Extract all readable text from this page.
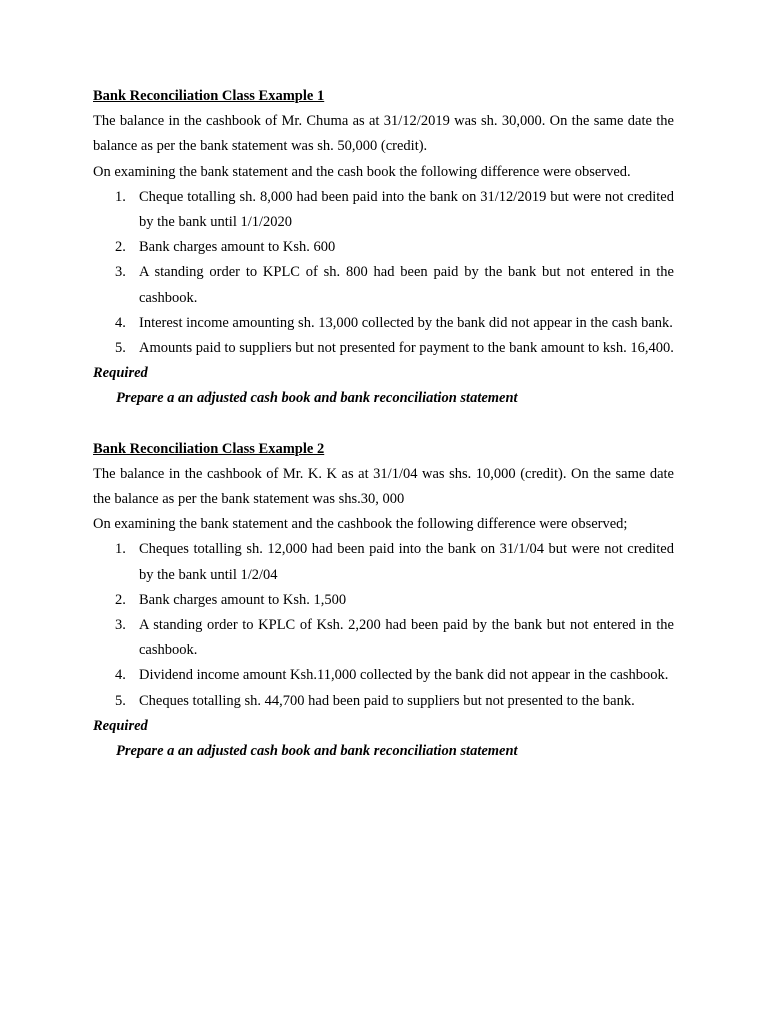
Bank Reconciliation Class Example 1

The balance in the cashbook of Mr. Chuma as at 31/12/2019 was sh. 30,000. On the same date the balance as per the bank statement was sh. 50,000 (credit).

On examining the bank statement and the cash book the following difference were observed.

1. Cheque totalling sh. 8,000 had been paid into the bank on 31/12/2019 but were not credited by the bank until 1/1/2020
2. Bank charges amount to Ksh. 600
3. A standing order to KPLC of sh. 800 had been paid by the bank but not entered in the cashbook.
4. Interest income amounting sh. 13,000 collected by the bank did not appear in the cash bank.
5. Amounts paid to suppliers but not presented for payment to the bank amount to ksh. 16,400.

Required

Prepare a an adjusted cash book and bank reconciliation statement

Bank Reconciliation Class Example 2

The balance in the cashbook of Mr. K. K as at 31/1/04 was shs. 10,000 (credit). On the same date the balance as per the bank statement was shs.30, 000

On examining the bank statement and the cashbook the following difference were observed;

1. Cheques totalling sh. 12,000 had been paid into the bank on 31/1/04 but were not credited by the bank until 1/2/04
2. Bank charges amount to Ksh. 1,500
3. A standing order to KPLC of Ksh. 2,200 had been paid by the bank but not entered in the cashbook.
4. Dividend income amount Ksh.11,000 collected by the bank did not appear in the cashbook.
5. Cheques totalling sh. 44,700 had been paid to suppliers but not presented to the bank.

Required

Prepare a an adjusted cash book and bank reconciliation statement
